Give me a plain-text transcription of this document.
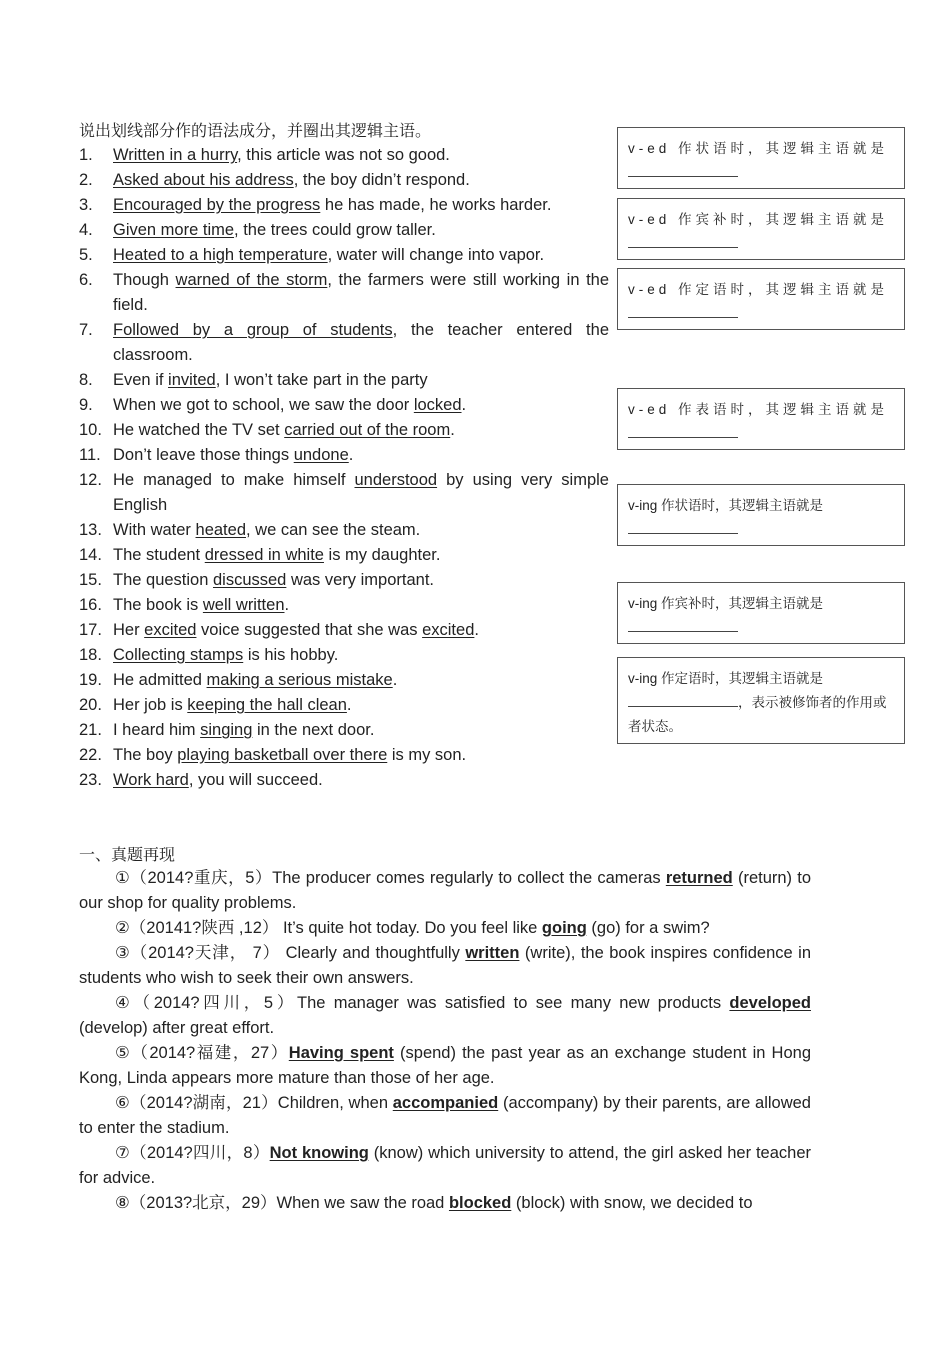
说出划线部分作的语法成分，并圈出其逻辑主语。
1. Written in a hurry, this article was not so good.
2. Asked about his address, the boy didn’t respond.
3. Encouraged by the progress he has made, he works harder.
4. Given more time, the trees could grow taller.
5. Heated to a high temperature, water will change into vapor.
6. Though warned of the storm, the farmers were still working in the field.
7. Followed by a group of students, the teacher entered the classroom.
8. Even if invited, I won’t take part in the party
9. When we got to school, we saw the door locked.
10. He watched the TV set carried out of the room.
11. Don’t leave those things undone.
12. He managed to make himself understood by using very simple English
13. With water heated, we can see the steam.
14. The student dressed in white is my daughter.
15. The question discussed was very important.
16. The book is well written.
17. Her excited voice suggested that she was excited.
18. Collecting stamps is his hobby.
19. He admitted making a serious mistake.
20. Her job is keeping the hall clean.
21. I heard him singing in the next door.
22. The boy playing basketball over there is my son.
23. Work hard, you will succeed.
v-ed 作状语时，其逻辑主语就是

v-ed 作宾补时，其逻辑主语就是

v-ed 作定语时，其逻辑主语就是

v-ed 作表语时，其逻辑主语就是

v-ing 作状语时，其逻辑主语就是

v-ing 作宾补时，其逻辑主语就是

v-ing 作定语时，其逻辑主语就是
，表示被修饰者的作用或者状态。
一、真题再现

①（2014?重庆，5）The producer comes regularly to collect the cameras returned (return) to our shop for quality problems.

②（20141?陕西 ,12） It’s quite hot today. Do you feel like going (go) for a swim?

③（2014?天津， 7） Clearly and thoughtfully written (write), the book inspires confidence in students who wish to seek their own answers.

④（2014?四川，5）The manager was satisfied to see many new products developed (develop) after great effort.

⑤（2014?福建，27）Having spent (spend) the past year as an exchange student in Hong Kong, Linda appears more mature than those of her age.

⑥（2014?湖南，21）Children, when accompanied (accompany) by their parents, are allowed to enter the stadium.

⑦（2014?四川，8）Not knowing (know) which university to attend, the girl asked her teacher for advice.

⑧（2013?北京，29）When we saw the road blocked (block) with snow, we decided to
